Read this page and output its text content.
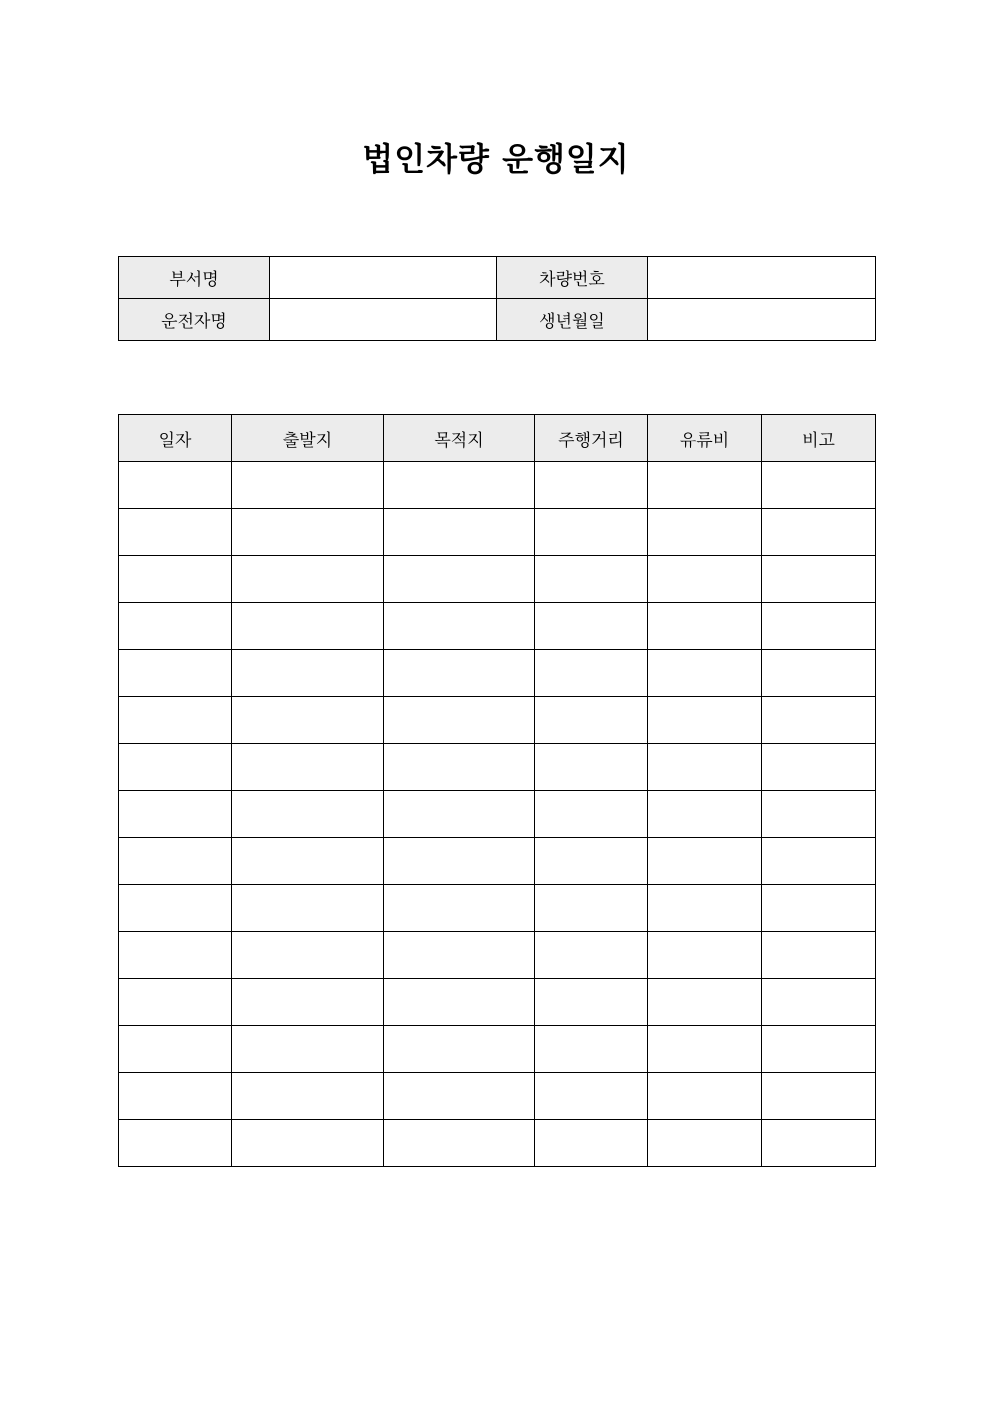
법인차량 운행일지
부서명		차량번호	
운전자명		생년월일	
일자	출발지	목적지	주행거리	유류비	비고
